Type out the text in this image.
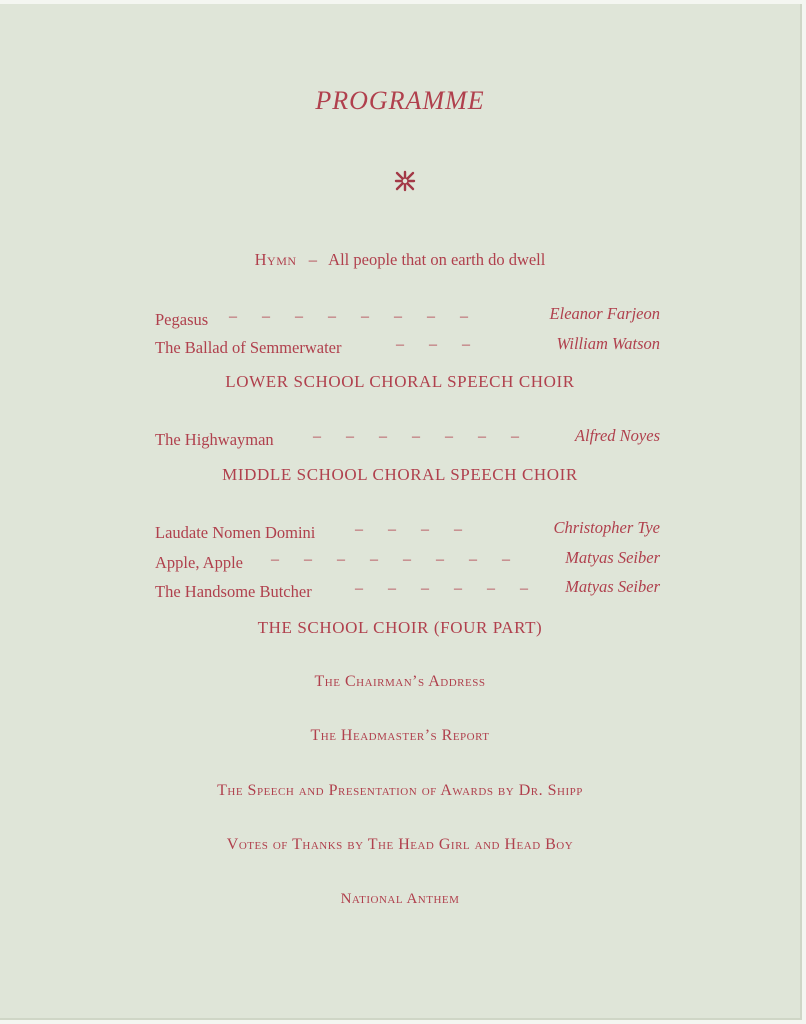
PROGRAMME
Hymn – All people that on earth do dwell
Pegasus – – – – – – – –	Eleanor Farjeon
The Ballad of Semmerwater	– – –	William Watson
LOWER SCHOOL CHORAL SPEECH CHOIR
The Highwayman – – – – – – –	Alfred Noyes
MIDDLE SCHOOL CHORAL SPEECH CHOIR
Laudate Nomen Domini – – – –	Christopher Tye
Apple, Apple – – – – – – – –	Matyas Seiber
The Handsome Butcher	– – – – – – Matyas Seiber
THE SCHOOL CHOIR (FOUR PART)
The Chairman’s Address
The Headmaster’s Report
The Speech and Presentation of Awards by Dr. Shipp
Votes of Thanks by The Head Girl and Head Boy
National Anthem
